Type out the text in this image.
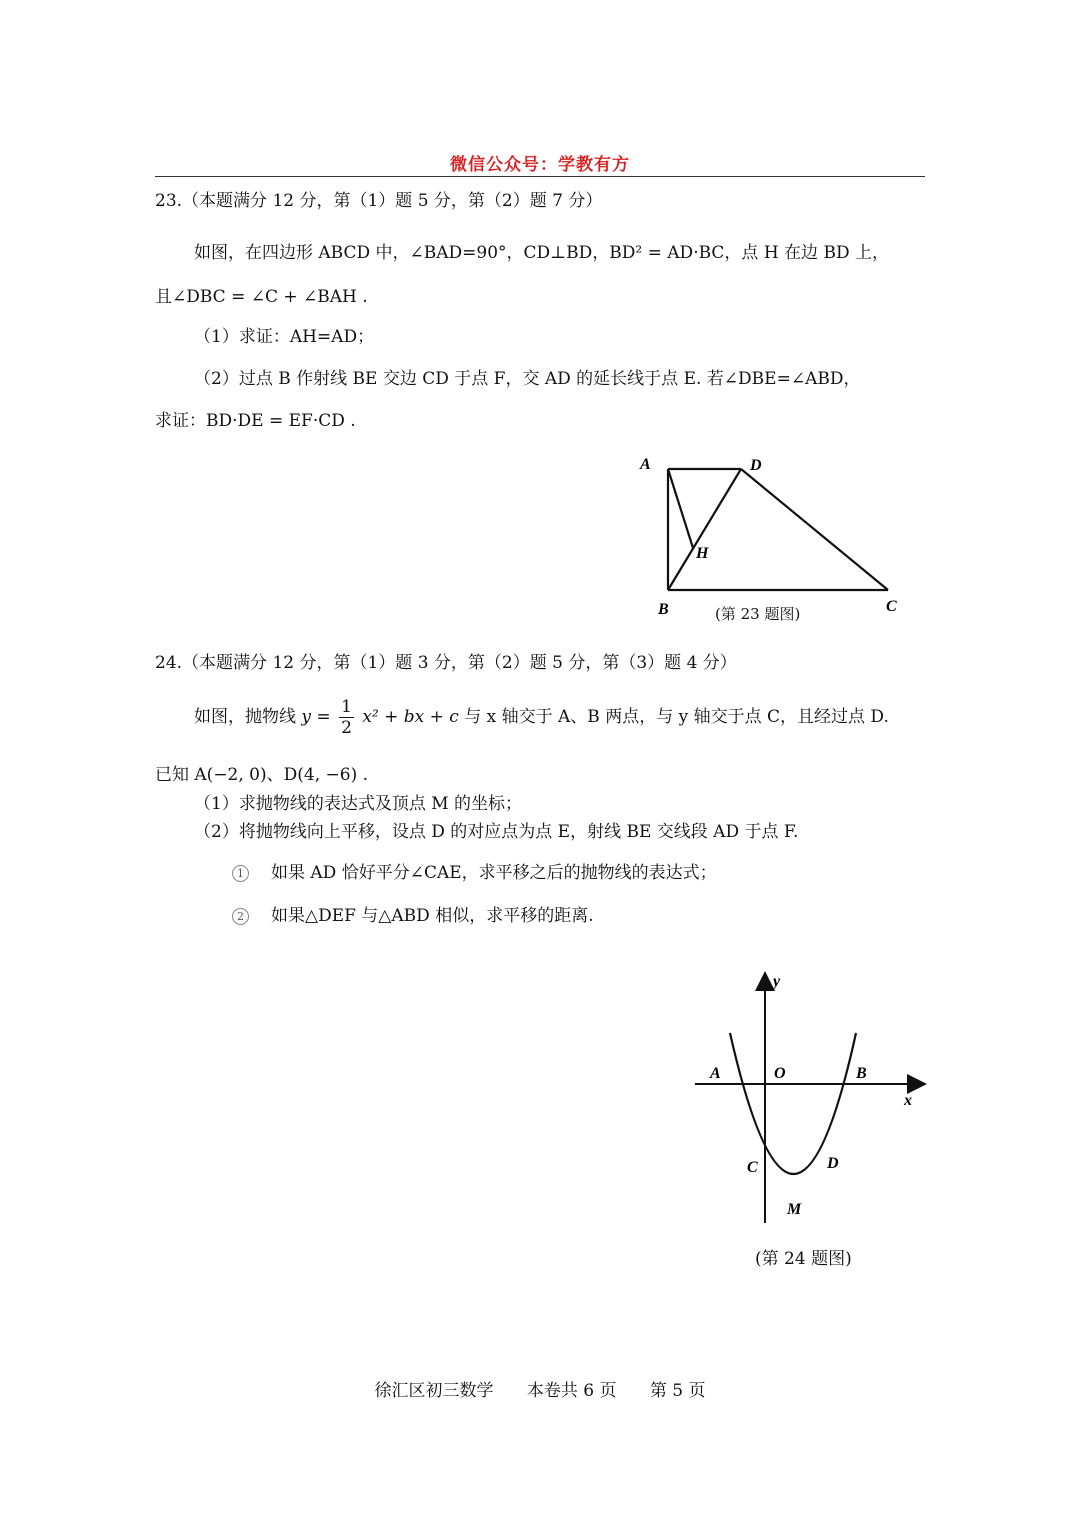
微信公众号：学教有方
23.（本题满分 12 分，第（1）题 5 分，第（2）题 7 分）
如图，在四边形 ABCD 中，∠BAD=90°，CD⊥BD，BD² = AD·BC，点 H 在边 BD 上，
且∠DBC = ∠C + ∠BAH .
（1）求证：AH=AD；
（2）过点 B 作射线 BE 交边 CD 于点 F，交 AD 的延长线于点 E. 若∠DBE=∠ABD，
求证：BD·DE = EF·CD .
A	D
H
B	C
(第 23 题图)
24.（本题满分 12 分，第（1）题 3 分，第（2）题 5 分，第（3）题 4 分）
如图，抛物线 $y = \frac{1}{2} x^2$ + bx + c 与 x 轴交于 A、B 两点，与 y 轴交于点 C，且经过点 D.
已知 A(−2, 0)、D(4, −6) .
（1）求抛物线的表达式及顶点 M 的坐标；
（2）将抛物线向上平移，设点 D 的对应点为点 E，射线 BE 交线段 AD 于点 F.
1 如果 AD 恰好平分∠CAE，求平移之后的抛物线的表达式；
2 如果△DEF 与△ABD 相似，求平移的距离.
y
x
A	O	B
C	D
M
(第 24 题图)
徐汇区初三数学 本卷共 6 页 第 5 页
